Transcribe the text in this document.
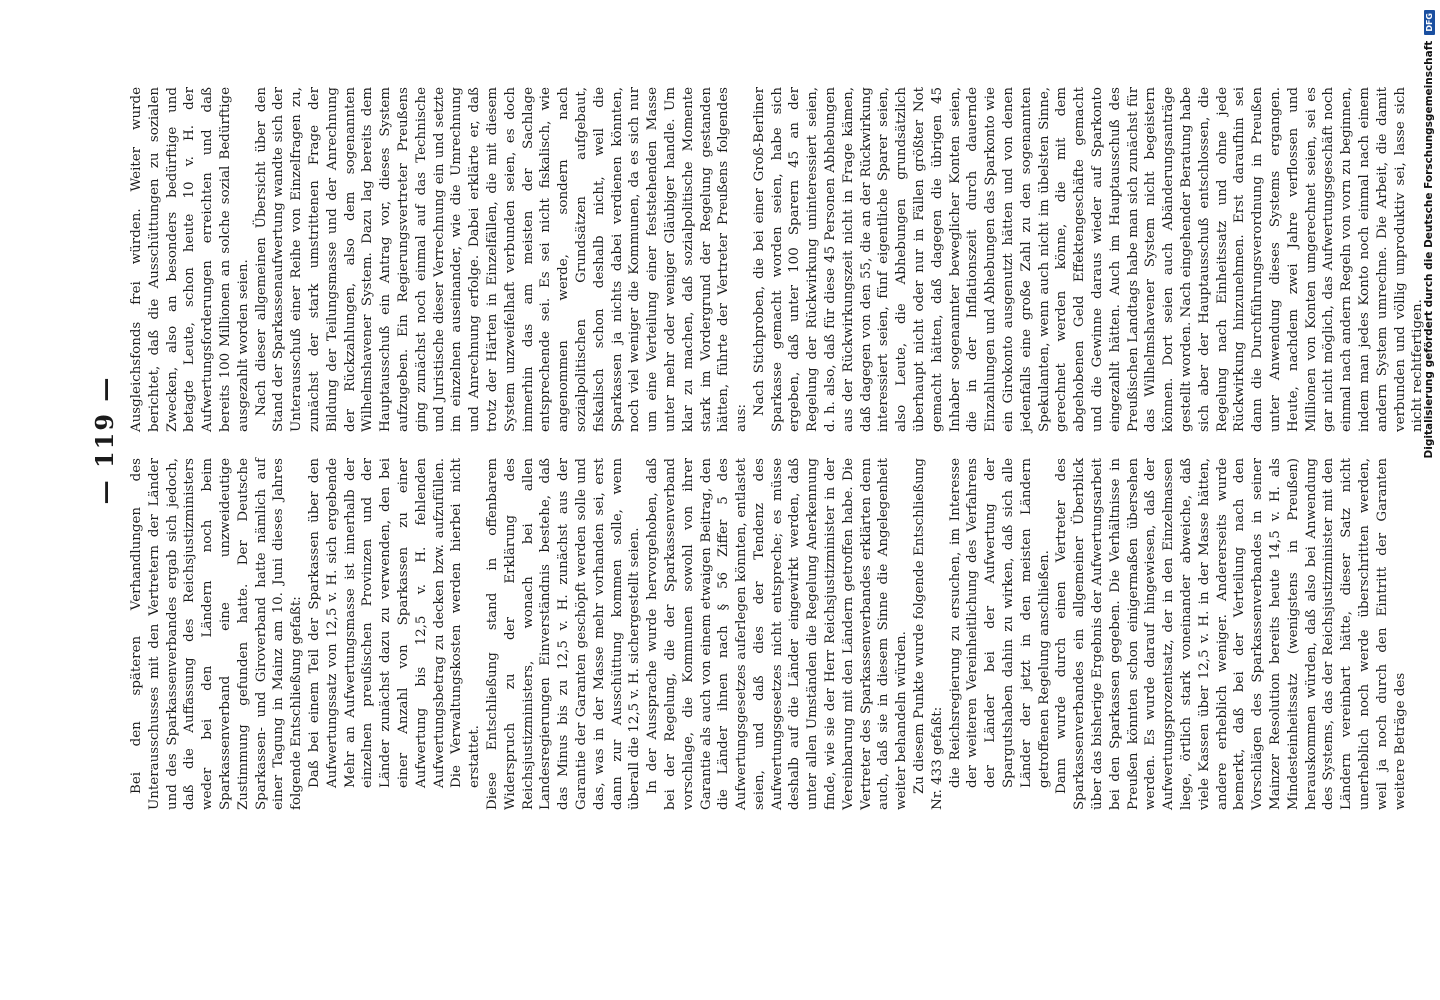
— 119 —

Bei den späteren Verhandlungen des Unterausschusses mit den Vertretern der Länder und des Sparkassenverbandes ergab sich jedoch, daß die Auffassung des Reichsjustizministers weder bei den Ländern noch beim Sparkassenverband eine unzweideutige Zustimmung gefunden hatte. Der Deutsche Sparkassen- und Giroverband hatte nämlich auf einer Tagung in Mainz am 10. Juni dieses Jahres folgende Entschließung gefaßt: Daß bei einem Teil der Sparkassen über den Aufwertungssatz von 12,5 v. H. sich ergebende Mehr an Aufwertungsmasse ist innerhalb der einzelnen preußischen Provinzen und der Länder zunächst dazu zu verwenden, den bei einer Anzahl von Sparkassen zu einer Aufwertung bis 12,5 v. H. fehlenden Aufwertungsbetrag zu decken bzw. aufzufüllen. Die Verwaltungskosten werden hierbei nicht erstattet. Diese Entschließung stand in offenbarem Widerspruch zu der Erklärung des Reichsjustizministers, wonach bei allen Landesregierungen Einverständnis bestehe, daß das Minus bis zu 12,5 v. H. zunächst aus der Garantie der Garanten geschöpft werden solle und das, was in der Masse mehr vorhanden sei, erst dann zur Ausschüttung kommen solle, wenn überall die 12,5 v. H. sichergestellt seien. In der Aussprache wurde hervorgehoben, daß bei der Regelung, die der Sparkassenverband vorschlage, die Kommunen sowohl von ihrer Garantie als auch von einem etwaigen Beitrag, den die Länder ihnen nach § 56 Ziffer 5 des Aufwertungsgesetzes auferlegen könnten, entlastet seien, und daß dies der Tendenz des Aufwertungsgesetzes nicht entspreche; es müsse deshalb auf die Länder eingewirkt werden, daß unter allen Umständen die Regelung Anerkennung finde, wie sie der Herr Reichsjustizminister in der Vereinbarung mit den Ländern getroffen habe. Die Vertreter des Sparkassenverbandes erklärten denn auch, daß sie in diesem Sinne die Angelegenheit weiter behandeln würden. Zu diesem Punkte wurde folgende Entschließung Nr. 433 gefaßt: die Reichsregierung zu ersuchen, im Interesse der weiteren Vereinheitlichung des Verfahrens der Länder bei der Aufwertung der Spargutshaben dahin zu wirken, daß sich alle Länder der jetzt in den meisten Ländern getroffenen Regelung anschließen. Dann wurde durch einen Vertreter des Sparkassenverbandes ein allgemeiner Überblick über das bisherige Ergebnis der Aufwertungsarbeit bei den Sparkassen gegeben. Die Verhältnisse in Preußen könnten schon einigermaßen übersehen werden. Es wurde darauf hingewiesen, daß der Aufwertungsprozentsatz, der in den Einzelmassen liege, örtlich stark voneinander abweiche, daß viele Kassen über 12,5 v. H. in der Masse hätten, andere erheblich weniger. Andererseits wurde bemerkt, daß bei der Verteilung nach den Vorschlägen des Sparkassenverbandes in seiner Mainzer Resolution bereits heute 14,5 v. H. als Mindesteinheitssatz (wenigstens in Preußen) herauskommen würden, daß also bei Anwendung des Systems, das der Reichsjustizminister mit den Ländern vereinbart hätte, dieser Satz nicht unerheblich noch werde überschritten werden, weil ja noch durch den Eintritt der Garanten weitere Beträge des

Ausgleichsfonds frei würden. Weiter wurde berichtet, daß die Ausschüttungen zu sozialen Zwecken, also an besonders bedürftige und betagte Leute, schon heute 10 v. H. der Aufwertungsforderungen erreichten und daß bereits 100 Millionen an solche sozial Bedürftige ausgezahlt worden seien. Nach dieser allgemeinen Übersicht über den Stand der Sparkassenaufwertung wandte sich der Unterausschuß einer Reihe von Einzelfragen zu, zunächst der stark umstrittenen Frage der Bildung der Teilungsmasse und der Anrechnung der Rückzahlungen, also dem sogenannten Wilhelmshavener System. Dazu lag bereits dem Hauptausschuß ein Antrag vor, dieses System aufzugeben. Ein Regierungsvertreter Preußens ging zunächst noch einmal auf das Technische und Juristische dieser Verrechnung ein und setzte im einzelnen auseinander, wie die Umrechnung und Anrechnung erfolge. Dabei erklärte er, daß trotz der Härten in Einzelfällen, die mit diesem System unzweifelhaft verbunden seien, es doch immerhin das am meisten der Sachlage entsprechende sei. Es sei nicht fiskalisch, wie angenommen werde, sondern nach sozialpolitischen Grundsätzen aufgebaut, fiskalisch schon deshalb nicht, weil die Sparkassen ja nichts dabei verdienen könnten, noch viel weniger die Kommunen, da es sich nur um eine Verteilung einer feststehenden Masse unter mehr oder weniger Gläubiger handle. Um klar zu machen, daß sozialpolitische Momente stark im Vordergrund der Regelung gestanden hätten, führte der Vertreter Preußens folgendes aus:

Nach Stichproben, die bei einer Groß-Berliner Sparkasse gemacht worden seien, habe sich ergeben, daß unter 100 Sparern 45 an der Regelung der Rückwirkung uninteressiert seien, d. h. also, daß für diese 45 Personen Abhebungen aus der Rückwirkungszeit nicht in Frage kämen, daß dagegen von den 55, die an der Rückwirkung interessiert seien, fünf eigentliche Sparer seien, also Leute, die Abhebungen grundsätzlich überhaupt nicht oder nur in Fällen größter Not gemacht hätten, daß dagegen die übrigen 45 Inhaber sogenannter beweglicher Konten seien, die in der Inflationszeit durch dauernde Einzahlungen und Abhebungen das Sparkonto wie ein Girokonto ausgenutzt hätten und von denen jedenfalls eine große Zahl zu den sogenannten Spekulanten, wenn auch nicht im übelsten Sinne, gerechnet werden könne, die mit dem abgehobenen Geld Effektengeschäfte gemacht und die Gewinne daraus wieder auf Sparkonto eingezahlt hätten. Auch im Hauptausschuß des Preußischen Landtags habe man sich zunächst für das Wilhelmshavener System nicht begeistern können. Dort seien auch Abänderungsanträge gestellt worden. Nach eingehender Beratung habe sich aber der Hauptausschuß entschlossen, die Regelung nach Einheitssatz und ohne jede Rückwirkung hinzunehmen. Erst daraufhin sei dann die Durchführungsverordnung in Preußen unter Anwendung dieses Systems ergangen. Heute, nachdem zwei Jahre verflossen und Millionen von Konten umgerechnet seien, sei es gar nicht möglich, das Aufwertungsgeschäft noch einmal nach andern Regeln von vorn zu beginnen, indem man jedes Konto noch einmal nach einem andern System umrechne. Die Arbeit, die damit verbunden und völlig unproduktiv sei, lasse sich nicht rechtfertigen.

Digitalisierung gefördert durch die Deutsche Forschungsgemeinschaft
DFG
